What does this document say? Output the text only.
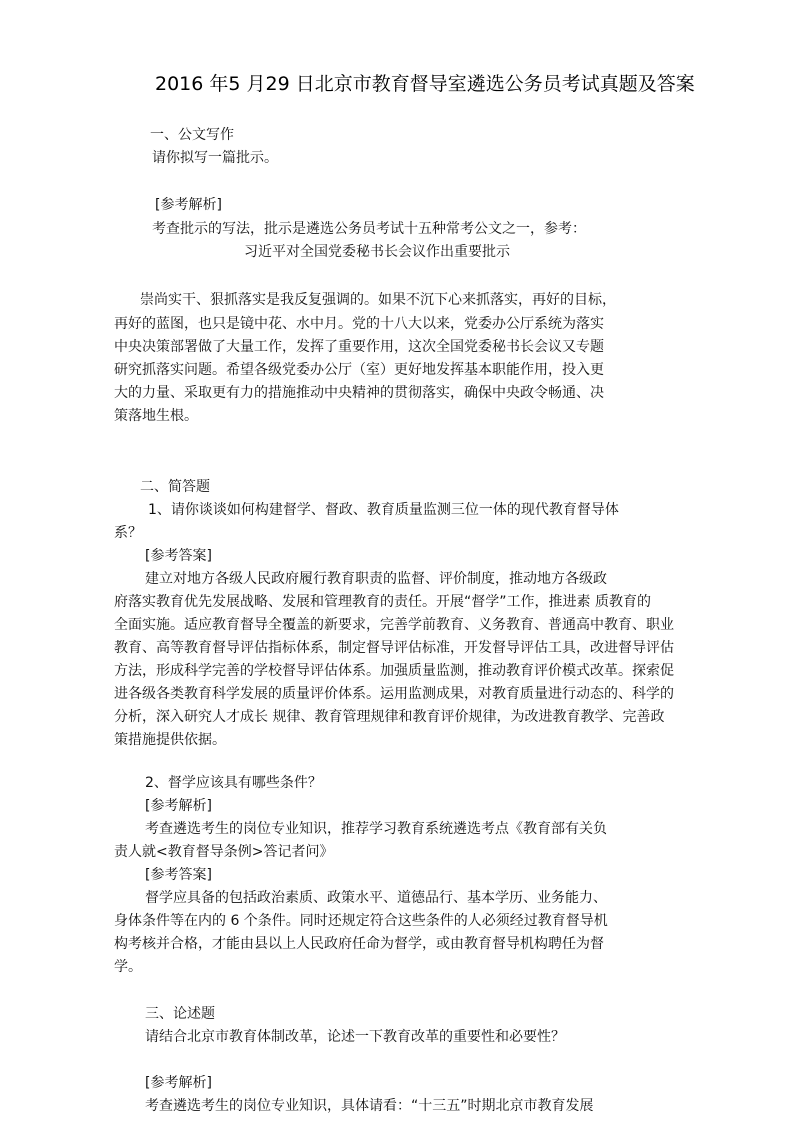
2016 年5 月29 日北京市教育督导室遴选公务员考试真题及答案
一、公文写作
请你拟写一篇批示。
[参考解析]
考查批示的写法，批示是遴选公务员考试十五种常考公文之一，参考：
习近平对全国党委秘书长会议作出重要批示
崇尚实干、狠抓落实是我反复强调的。如果不沉下心来抓落实，再好的目标，
再好的蓝图，也只是镜中花、水中月。党的十八大以来，党委办公厅系统为落实
中央决策部署做了大量工作，发挥了重要作用，这次全国党委秘书长会议又专题
研究抓落实问题。希望各级党委办公厅（室）更好地发挥基本职能作用，投入更
大的力量、采取更有力的措施推动中央精神的贯彻落实，确保中央政令畅通、决
策落地生根。
二、简答题
1、请你谈谈如何构建督学、督政、教育质量监测三位一体的现代教育督导体
系？
[参考答案]
建立对地方各级人民政府履行教育职责的监督、评价制度，推动地方各级政
府落实教育优先发展战略、发展和管理教育的责任。开展“督学”工作，推进素 质教育的
全面实施。适应教育督导全覆盖的新要求，完善学前教育、义务教育、普通高中教育、职业
教育、高等教育督导评估指标体系，制定督导评估标准，开发督导评估工具，改进督导评估
方法，形成科学完善的学校督导评估体系。加强质量监测，推动教育评价模式改革。探索促
进各级各类教育科学发展的质量评价体系。运用监测成果，对教育质量进行动态的、科学的
分析，深入研究人才成长 规律、教育管理规律和教育评价规律，为改进教育教学、完善政
策措施提供依据。
2、督学应该具有哪些条件？
[参考解析]
考查遴选考生的岗位专业知识，推荐学习教育系统遴选考点《教育部有关负
责人就<教育督导条例>答记者问》
[参考答案]
督学应具备的包括政治素质、政策水平、道德品行、基本学历、业务能力、
身体条件等在内的 6 个条件。同时还规定符合这些条件的人必须经过教育督导机
构考核并合格，才能由县以上人民政府任命为督学，或由教育督导机构聘任为督
学。
三、论述题
请结合北京市教育体制改革，论述一下教育改革的重要性和必要性？
[参考解析]
考查遴选考生的岗位专业知识，具体请看：“十三五”时期北京市教育发展
